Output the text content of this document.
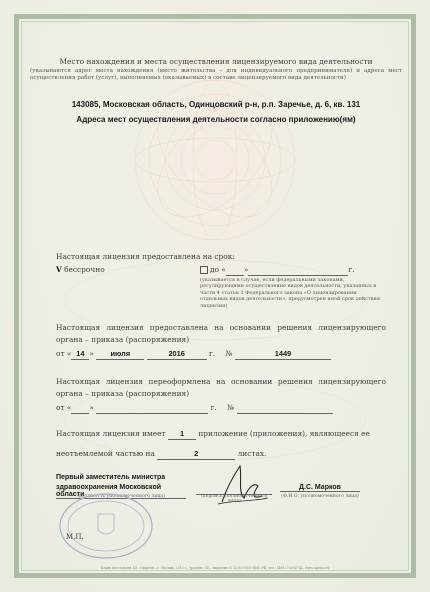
Место нахождения и места осуществления лицензируемого вида деятельности
(указываются адрес места нахождения (место жительства – для индивидуального предпринимателя) и адреса мест осуществления работ (услуг), выполняемых (оказываемых) в составе лицензируемого вида деятельности)
143085, Московская область, Одинцовский р-н, р.п. Заречье, д. 6, кв. 131
Адреса мест осуществления деятельности согласно приложению(ям)
Настоящая лицензия предоставлена на срок:
V бессрочно	до « »	г.
(указывается в случае, если федеральными законами, регулирующими осуществление видов деятельности, указанных в части 4 статьи 1 Федерального закона «О лицензировании отдельных видов деятельности», предусмотрен иной срок действия лицензии)
Настоящая лицензия предоставлена на основании решения лицензирующего
органа – приказа (распоряжения)
от « 14 » июля	2016	г. №	1449
Настоящая лицензия переоформлена на основании решения лицензирующего
органа – приказа (распоряжения)
от « »	г. №
Настоящая лицензия имеет 1 приложение (приложения), являющееся ее
неотъемлемой частью на	2	листах.
Первый заместитель министра
здравоохранения Московской области
(должность уполномоченного лица)	(подпись уполномоченного лица)
Д.С. Марков
(Ф.И.О. уполномоченного лица)
М.П.
Бланк изготовлен АО «Опцион», г. Москва, 2015 г., уровень «Б», лицензия № 12-05-9500 ФНС РФ, тел.: (495) 726-47-42, www.opcion.ru
